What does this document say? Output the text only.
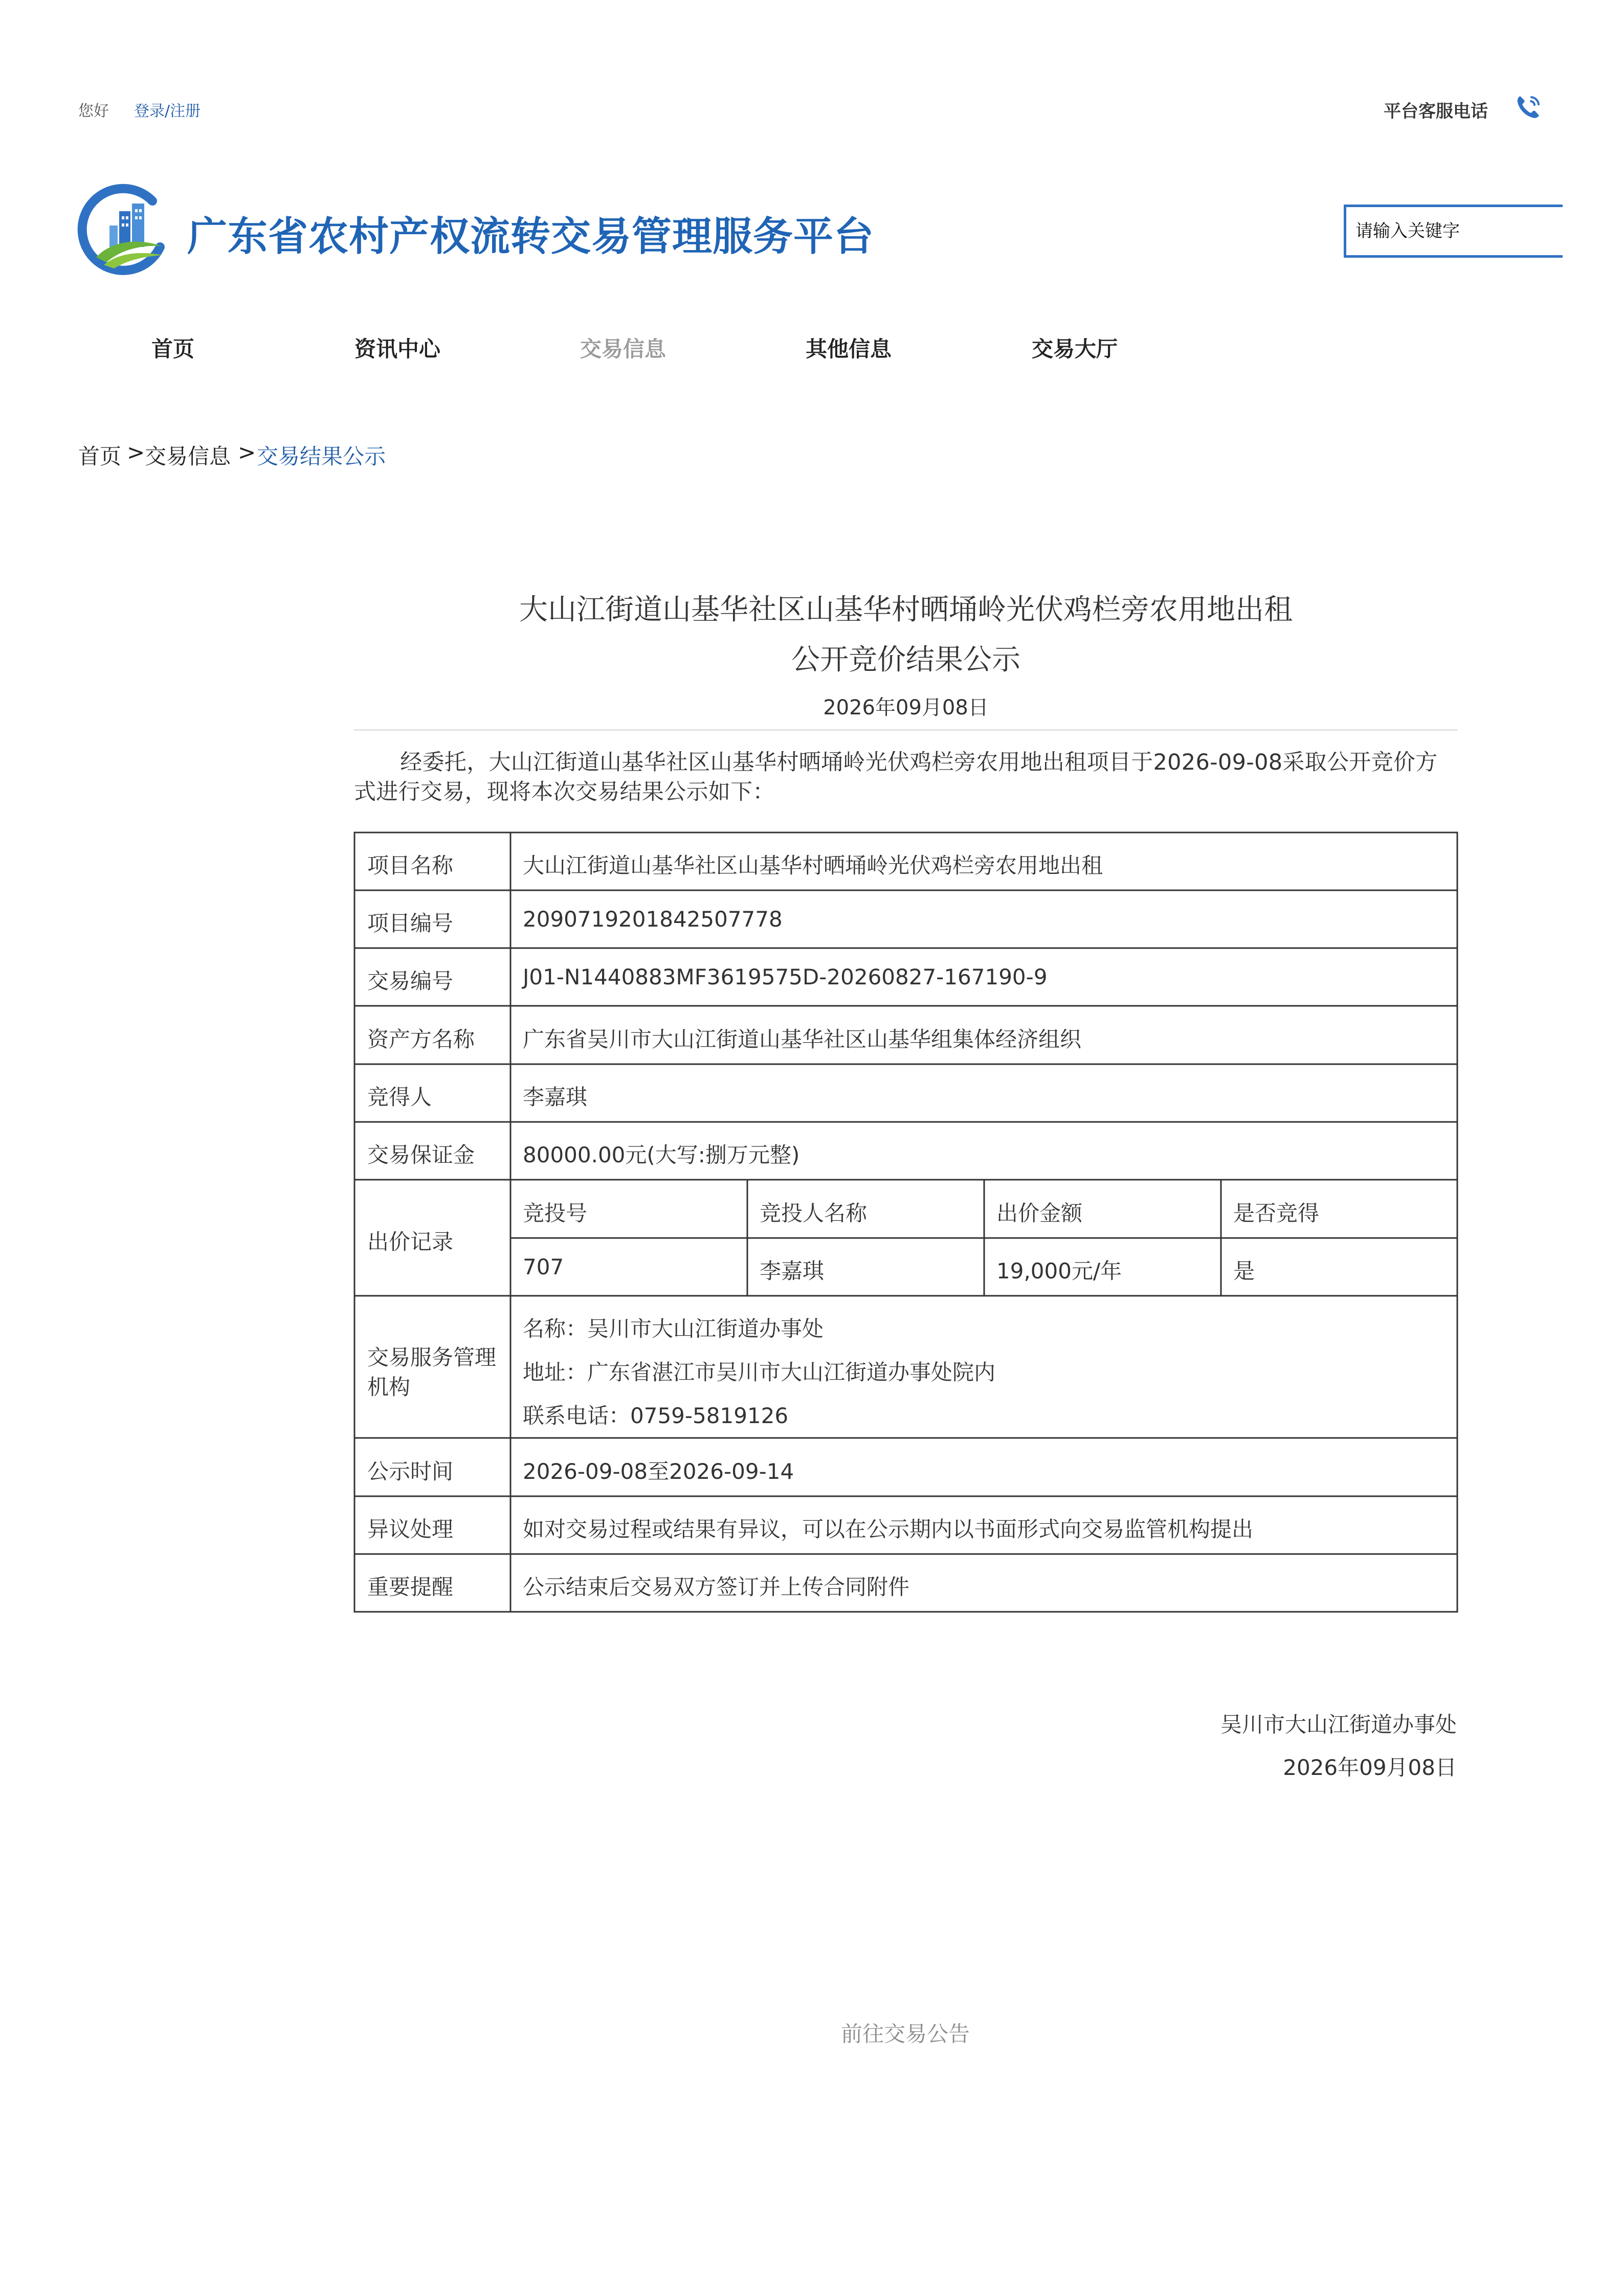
您好 登录/注册	平台客服电话
广东省农村产权流转交易管理服务平台
请输入关键字
首页	资讯中心	交易信息	其他信息	交易大厅
首页 > 交易信息 > 交易结果公示
大山江街道山基华社区山基华村晒埇岭光伏鸡栏旁农用地出租
公开竞价结果公示
2026年09月08日
经委托，大山江街道山基华社区山基华村晒埇岭光伏鸡栏旁农用地出租项目于2026-09-08采取公开竞价方式进行交易，现将本次交易结果公示如下：
项目名称	大山江街道山基华社区山基华村晒埇岭光伏鸡栏旁农用地出租
项目编号	2090719201842507778
交易编号	J01-N1440883MF3619575D-20260827-167190-9
资产方名称 广东省吴川市大山江街道山基华社区山基华组集体经济组织
竞得人	李嘉琪
交易保证金 80000.00元(大写:捌万元整)
出价记录
竞投号	竞投人名称	出价金额	是否竞得
707	李嘉琪	19,000元/年	是
交易服务管理
机构
名称：吴川市大山江街道办事处
地址：广东省湛江市吴川市大山江街道办事处院内
联系电话：0759-5819126
公示时间	2026-09-08至2026-09-14
异议处理	如对交易过程或结果有异议，可以在公示期内以书面形式向交易监管机构提出
重要提醒	公示结束后交易双方签订并上传合同附件
吴川市大山江街道办事处
2026年09月08日
前往交易公告
